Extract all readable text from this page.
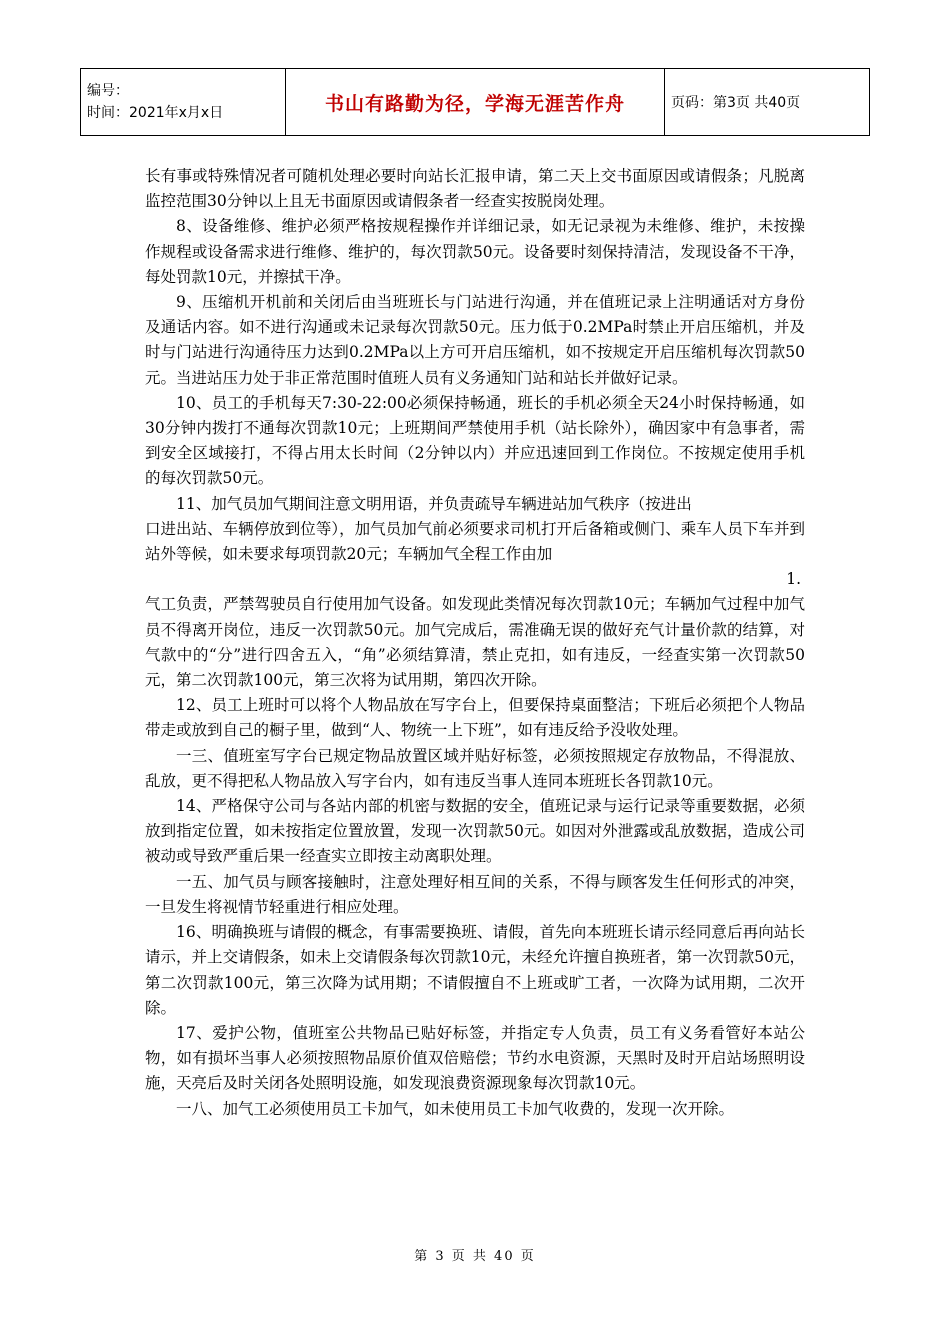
编号：
时间：2021年x月x日	书山有路勤为径，学海无涯苦作舟	页码：第3页 共40页

长有事或特殊情况者可随机处理必要时向站长汇报申请，第二天上交书面原因或请假条；凡脱离监控范围30分钟以上且无书面原因或请假条者一经查实按脱岗处理。

8、设备维修、维护必须严格按规程操作并详细记录，如无记录视为未维修、维护，未按操作规程或设备需求进行维修、维护的，每次罚款50元。设备要时刻保持清洁，发现设备不干净，每处罚款10元，并擦拭干净。

9、压缩机开机前和关闭后由当班班长与门站进行沟通，并在值班记录上注明通话对方身份及通话内容。如不进行沟通或未记录每次罚款50元。压力低于0.2MPa时禁止开启压缩机，并及时与门站进行沟通待压力达到0.2MPa以上方可开启压缩机，如不按规定开启压缩机每次罚款50元。当进站压力处于非正常范围时值班人员有义务通知门站和站长并做好记录。

10、员工的手机每天7:30-22:00必须保持畅通，班长的手机必须全天24小时保持畅通，如30分钟内拨打不通每次罚款10元；上班期间严禁使用手机（站长除外），确因家中有急事者，需到安全区域接打，不得占用太长时间（2分钟以内）并应迅速回到工作岗位。不按规定使用手机的每次罚款50元。

11、加气员加气期间注意文明用语，并负责疏导车辆进站加气秩序（按进出

口进出站、车辆停放到位等），加气员加气前必须要求司机打开后备箱或侧门、乘车人员下车并到站外等候，如未要求每项罚款20元；车辆加气全程工作由加

1.

气工负责，严禁驾驶员自行使用加气设备。如发现此类情况每次罚款10元；车辆加气过程中加气员不得离开岗位，违反一次罚款50元。加气完成后，需准确无误的做好充气计量价款的结算，对气款中的“分”进行四舍五入，“角”必须结算清，禁止克扣，如有违反，一经查实第一次罚款50元，第二次罚款100元，第三次将为试用期，第四次开除。

12、员工上班时可以将个人物品放在写字台上，但要保持桌面整洁；下班后必须把个人物品带走或放到自己的橱子里，做到“人、物统一上下班”，如有违反给予没收处理。

一三、值班室写字台已规定物品放置区域并贴好标签，必须按照规定存放物品，不得混放、乱放，更不得把私人物品放入写字台内，如有违反当事人连同本班班长各罚款10元。

14、严格保守公司与各站内部的机密与数据的安全，值班记录与运行记录等重要数据，必须放到指定位置，如未按指定位置放置，发现一次罚款50元。如因对外泄露或乱放数据，造成公司被动或导致严重后果一经查实立即按主动离职处理。

一五、加气员与顾客接触时，注意处理好相互间的关系，不得与顾客发生任何形式的冲突，一旦发生将视情节轻重进行相应处理。

16、明确换班与请假的概念，有事需要换班、请假，首先向本班班长请示经同意后再向站长请示，并上交请假条，如未上交请假条每次罚款10元，未经允许擅自换班者，第一次罚款50元，第二次罚款100元，第三次降为试用期；不请假擅自不上班或旷工者，一次降为试用期，二次开除。

17、爱护公物，值班室公共物品已贴好标签，并指定专人负责，员工有义务看管好本站公物，如有损坏当事人必须按照物品原价值双倍赔偿；节约水电资源，天黑时及时开启站场照明设施，天亮后及时关闭各处照明设施，如发现浪费资源现象每次罚款10元。

一八、加气工必须使用员工卡加气，如未使用员工卡加气收费的，发现一次开除。

第 3 页 共 40 页
